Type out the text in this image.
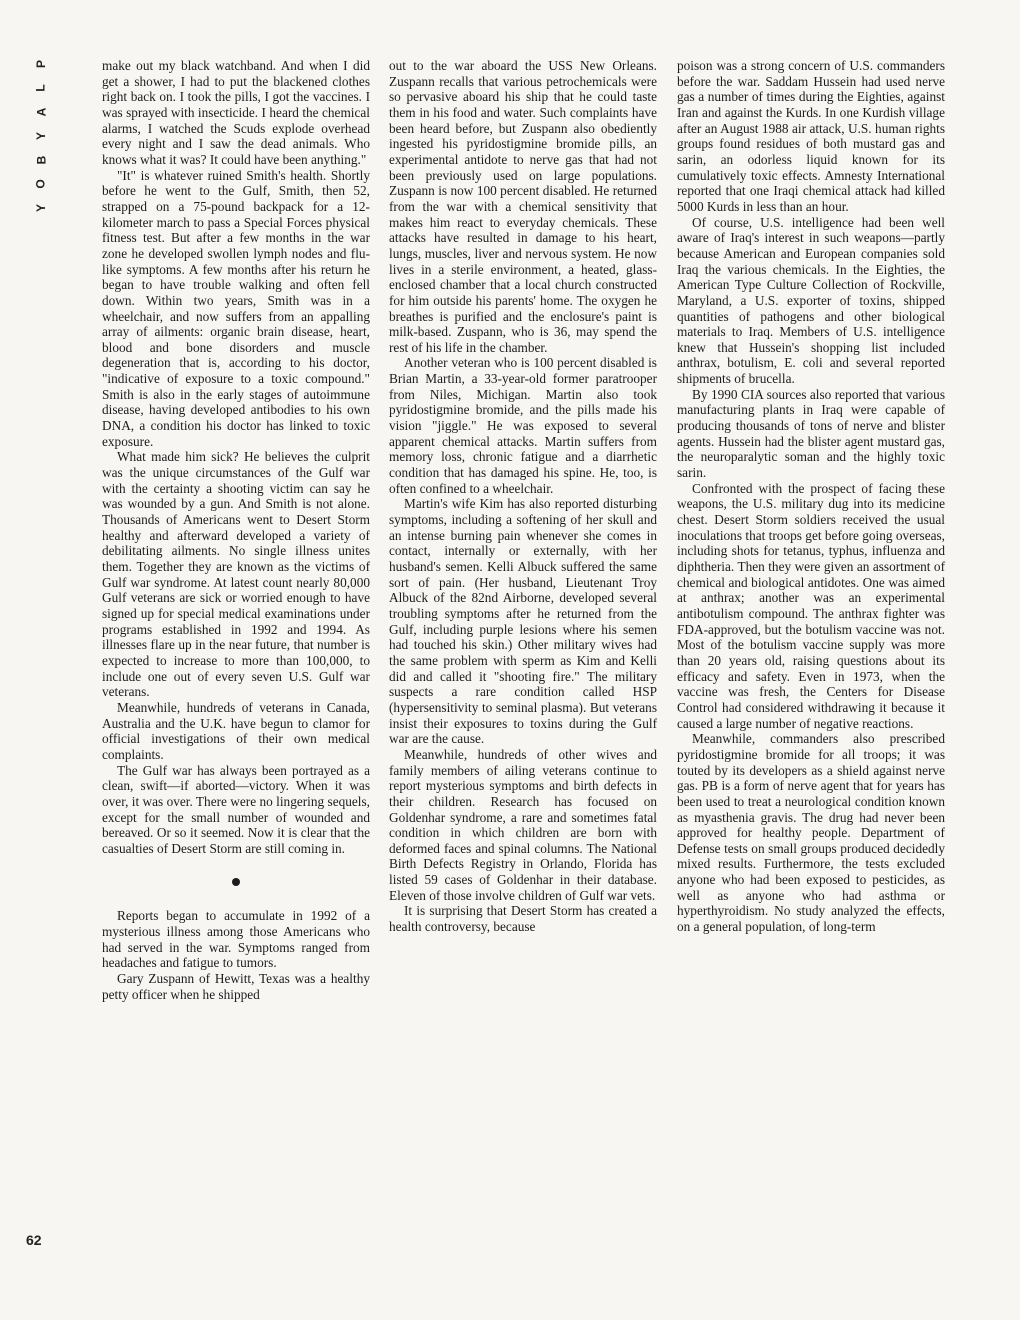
P
L
A
Y
B
O
Y
62

make out my black watchband. And when I did get a shower, I had to put the blackened clothes right back on. I took the pills, I got the vaccines. I was sprayed with insecticide. I heard the chemical alarms, I watched the Scuds explode overhead every night and I saw the dead animals. Who knows what it was? It could have been anything."

"It" is whatever ruined Smith's health. Shortly before he went to the Gulf, Smith, then 52, strapped on a 75-pound backpack for a 12-kilometer march to pass a Special Forces physical fitness test. But after a few months in the war zone he developed swollen lymph nodes and flu-like symptoms. A few months after his return he began to have trouble walking and often fell down. Within two years, Smith was in a wheelchair, and now suffers from an appalling array of ailments: organic brain disease, heart, blood and bone disorders and muscle degeneration that is, according to his doctor, "indicative of exposure to a toxic compound." Smith is also in the early stages of autoimmune disease, having developed antibodies to his own DNA, a condition his doctor has linked to toxic exposure.

What made him sick? He believes the culprit was the unique circumstances of the Gulf war with the certainty a shooting victim can say he was wounded by a gun. And Smith is not alone. Thousands of Americans went to Desert Storm healthy and afterward developed a variety of debilitating ailments. No single illness unites them. Together they are known as the victims of Gulf war syndrome. At latest count nearly 80,000 Gulf veterans are sick or worried enough to have signed up for special medical examinations under programs established in 1992 and 1994. As illnesses flare up in the near future, that number is expected to increase to more than 100,000, to include one out of every seven U.S. Gulf war veterans.

Meanwhile, hundreds of veterans in Canada, Australia and the U.K. have begun to clamor for official investigations of their own medical complaints.

The Gulf war has always been portrayed as a clean, swift—if aborted—victory. When it was over, it was over. There were no lingering sequels, except for the small number of wounded and bereaved. Or so it seemed. Now it is clear that the casualties of Desert Storm are still coming in.

Reports began to accumulate in 1992 of a mysterious illness among those Americans who had served in the war. Symptoms ranged from headaches and fatigue to tumors.

Gary Zuspann of Hewitt, Texas was a healthy petty officer when he shipped

out to the war aboard the USS New Orleans. Zuspann recalls that various petrochemicals were so pervasive aboard his ship that he could taste them in his food and water. Such complaints have been heard before, but Zuspann also obediently ingested his pyridostigmine bromide pills, an experimental antidote to nerve gas that had not been previously used on large populations. Zuspann is now 100 percent disabled. He returned from the war with a chemical sensitivity that makes him react to everyday chemicals. These attacks have resulted in damage to his heart, lungs, muscles, liver and nervous system. He now lives in a sterile environment, a heated, glass-enclosed chamber that a local church constructed for him outside his parents' home. The oxygen he breathes is purified and the enclosure's paint is milk-based. Zuspann, who is 36, may spend the rest of his life in the chamber.

Another veteran who is 100 percent disabled is Brian Martin, a 33-year-old former paratrooper from Niles, Michigan. Martin also took pyridostigmine bromide, and the pills made his vision "jiggle." He was exposed to several apparent chemical attacks. Martin suffers from memory loss, chronic fatigue and a diarrhetic condition that has damaged his spine. He, too, is often confined to a wheelchair.

Martin's wife Kim has also reported disturbing symptoms, including a softening of her skull and an intense burning pain whenever she comes in contact, internally or externally, with her husband's semen. Kelli Albuck suffered the same sort of pain. (Her husband, Lieutenant Troy Albuck of the 82nd Airborne, developed several troubling symptoms after he returned from the Gulf, including purple lesions where his semen had touched his skin.) Other military wives had the same problem with sperm as Kim and Kelli did and called it "shooting fire." The military suspects a rare condition called HSP (hypersensitivity to seminal plasma). But veterans insist their exposures to toxins during the Gulf war are the cause.

Meanwhile, hundreds of other wives and family members of ailing veterans continue to report mysterious symptoms and birth defects in their children. Research has focused on Goldenhar syndrome, a rare and sometimes fatal condition in which children are born with deformed faces and spinal columns. The National Birth Defects Registry in Orlando, Florida has listed 59 cases of Goldenhar in their database. Eleven of those involve children of Gulf war vets.

It is surprising that Desert Storm has created a health controversy, because

poison was a strong concern of U.S. commanders before the war. Saddam Hussein had used nerve gas a number of times during the Eighties, against Iran and against the Kurds. In one Kurdish village after an August 1988 air attack, U.S. human rights groups found residues of both mustard gas and sarin, an odorless liquid known for its cumulatively toxic effects. Amnesty International reported that one Iraqi chemical attack had killed 5000 Kurds in less than an hour.

Of course, U.S. intelligence had been well aware of Iraq's interest in such weapons—partly because American and European companies sold Iraq the various chemicals. In the Eighties, the American Type Culture Collection of Rockville, Maryland, a U.S. exporter of toxins, shipped quantities of pathogens and other biological materials to Iraq. Members of U.S. intelligence knew that Hussein's shopping list included anthrax, botulism, E. coli and several reported shipments of brucella.

By 1990 CIA sources also reported that various manufacturing plants in Iraq were capable of producing thousands of tons of nerve and blister agents. Hussein had the blister agent mustard gas, the neuroparalytic soman and the highly toxic sarin.

Confronted with the prospect of facing these weapons, the U.S. military dug into its medicine chest. Desert Storm soldiers received the usual inoculations that troops get before going overseas, including shots for tetanus, typhus, influenza and diphtheria. Then they were given an assortment of chemical and biological antidotes. One was aimed at anthrax; another was an experimental antibotulism compound. The anthrax fighter was FDA-approved, but the botulism vaccine was not. Most of the botulism vaccine supply was more than 20 years old, raising questions about its efficacy and safety. Even in 1973, when the vaccine was fresh, the Centers for Disease Control had considered withdrawing it because it caused a large number of negative reactions.

Meanwhile, commanders also prescribed pyridostigmine bromide for all troops; it was touted by its developers as a shield against nerve gas. PB is a form of nerve agent that for years has been used to treat a neurological condition known as myasthenia gravis. The drug had never been approved for healthy people. Department of Defense tests on small groups produced decidedly mixed results. Furthermore, the tests excluded anyone who had been exposed to pesticides, as well as anyone who had asthma or hyperthyroidism. No study analyzed the effects, on a general population, of long-term
